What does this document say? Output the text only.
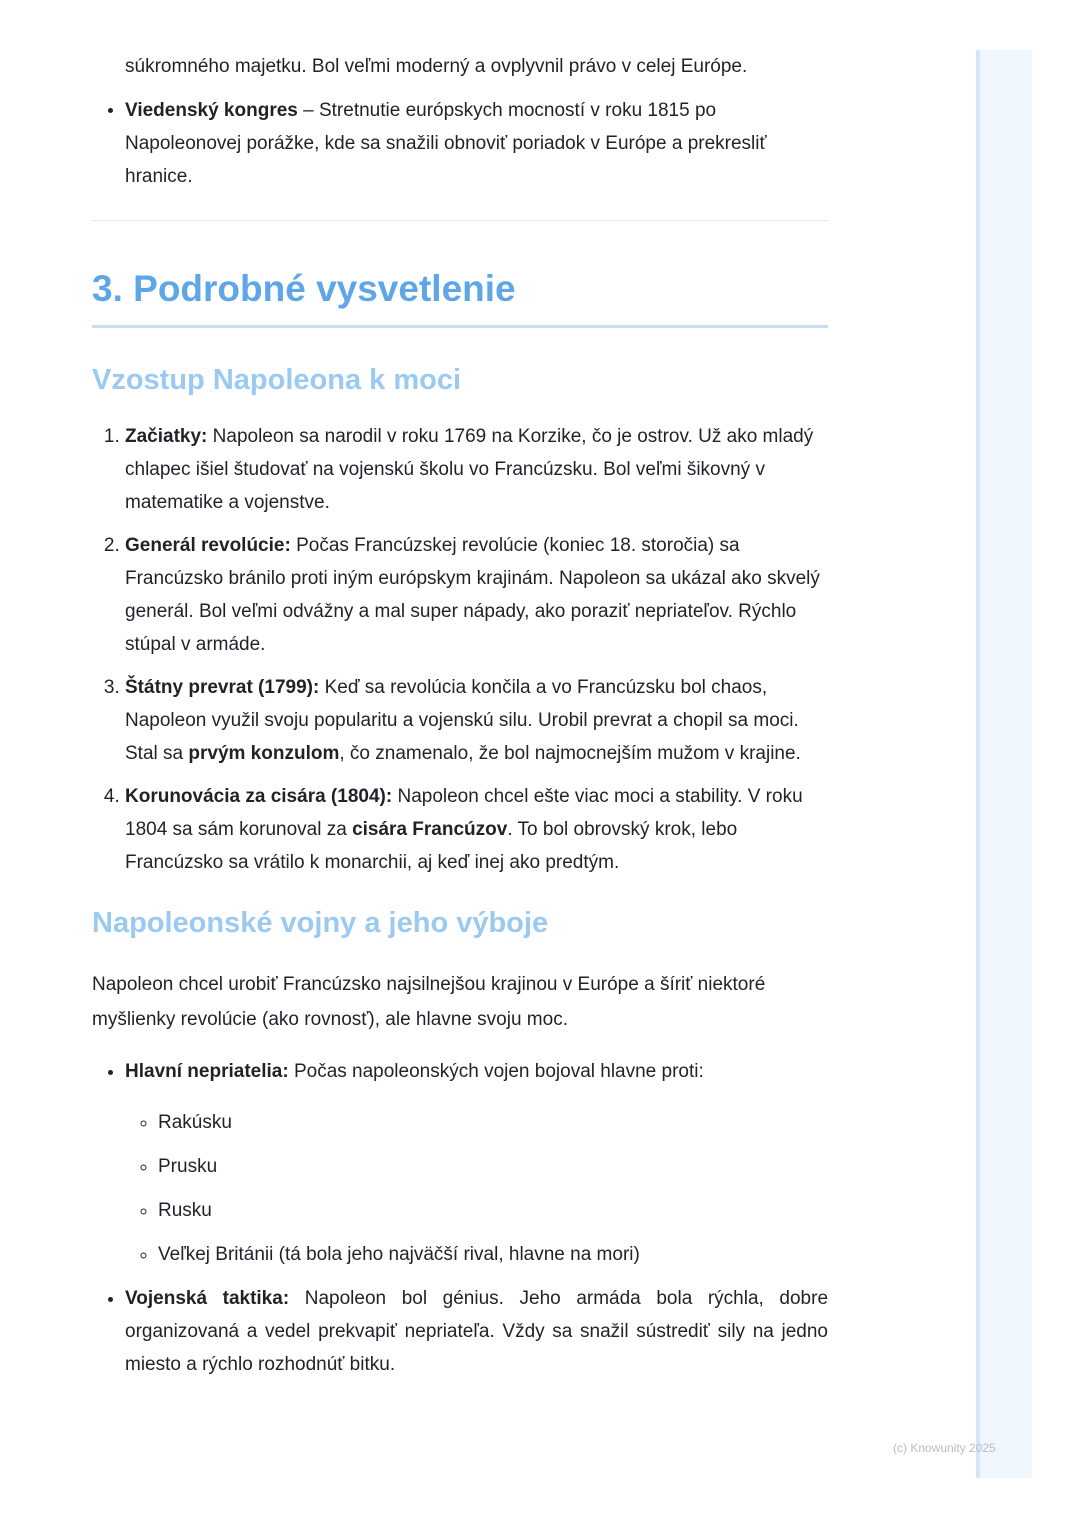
súkromného majetku. Bol veľmi moderný a ovplyvnil právo v celej Európe.
• Viedenský kongres – Stretnutie európskych mocností v roku 1815 po Napoleonovej porážke, kde sa snažili obnoviť poriadok v Európe a prekresliť hranice.
3. Podrobné vysvetlenie
Vzostup Napoleona k moci
1. Začiatky: Napoleon sa narodil v roku 1769 na Korzike, čo je ostrov. Už ako mladý chlapec išiel študovať na vojenskú školu vo Francúzsku. Bol veľmi šikovný v matematike a vojenstve.
2. Generál revolúcie: Počas Francúzskej revolúcie (koniec 18. storočia) sa Francúzsko bránilo proti iným európskym krajinám. Napoleon sa ukázal ako skvelý generál. Bol veľmi odvážny a mal super nápady, ako poraziť nepriateľov. Rýchlo stúpal v armáde.
3. Štátny prevrat (1799): Keď sa revolúcia končila a vo Francúzsku bol chaos, Napoleon využil svoju popularitu a vojenskú silu. Urobil prevrat a chopil sa moci. Stal sa prvým konzulom, čo znamenalo, že bol najmocnejším mužom v krajine.
4. Korunovácia za cisára (1804): Napoleon chcel ešte viac moci a stability. V roku 1804 sa sám korunoval za cisára Francúzov. To bol obrovský krok, lebo Francúzsko sa vrátilo k monarchii, aj keď inej ako predtým.
Napoleonské vojny a jeho výboje

Napoleon chcel urobiť Francúzsko najsilnejšou krajinou v Európe a šíriť niektoré myšlienky revolúcie (ako rovnosť), ale hlavne svoju moc.

• Hlavní nepriatelia: Počas napoleonských vojen bojoval hlavne proti:
◦ Rakúsku
◦ Prusku
◦ Rusku
◦ Veľkej Británii (tá bola jeho najväčší rival, hlavne na mori)
• Vojenská taktika: Napoleon bol génius. Jeho armáda bola rýchla, dobre organizovaná a vedel prekvapiť nepriateľa. Vždy sa snažil sústrediť sily na jedno miesto a rýchlo rozhodnúť bitku.
(c) Knowunity 2025
